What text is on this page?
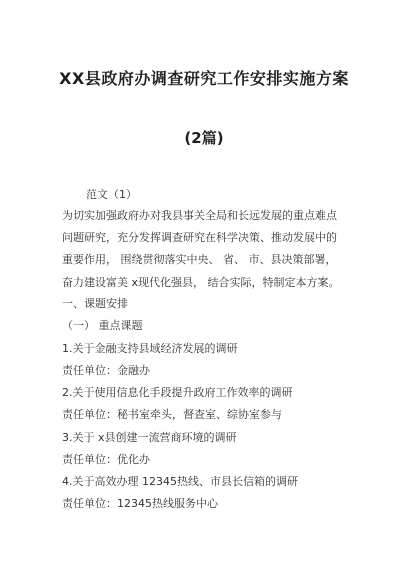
XX县政府办调查研究工作安排实施方案
(2篇)
范文（1）
为切实加强政府办对我县事关全局和长远发展的重点难点
问题研究，充分发挥调查研究在科学决策、推动发展中的
重要作用， 围绕贯彻落实中央、 省、 市、县决策部署，
奋力建设富美 x现代化强县， 结合实际，特制定本方案。
一、课题安排
（一） 重点课题
1.关于金融支持县域经济发展的调研
责任单位：金融办
2.关于使用信息化手段提升政府工作效率的调研
责任单位：秘书室牵头，督查室、综协室参与
3.关于 x县创建一流营商环境的调研
责任单位：优化办
4.关于高效办理 12345热线、市县长信箱的调研
责任单位：12345热线服务中心
